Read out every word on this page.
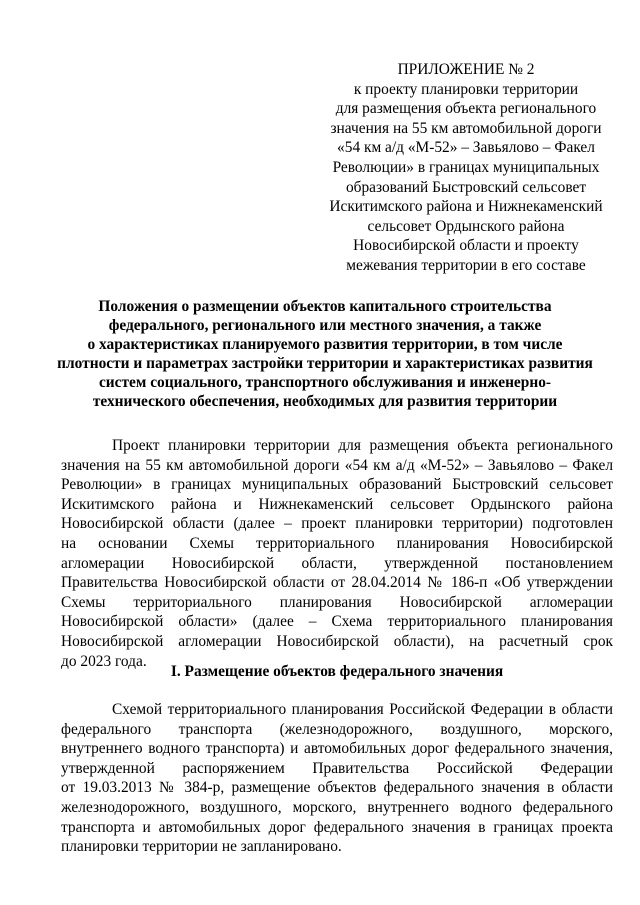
ПРИЛОЖЕНИЕ № 2
к проекту планировки территории
для размещения объекта регионального
значения на 55 км автомобильной дороги
«54 км а/д «М-52» – Завьялово – Факел
Революции» в границах муниципальных
образований Быстровский сельсовет
Искитимского района и Нижнекаменский
сельсовет Ордынского района
Новосибирской области и проекту
межевания территории в его составе
Положения о размещении объектов капитального строительства
федерального, регионального или местного значения, а также
о характеристиках планируемого развития территории, в том числе
плотности и параметрах застройки территории и характеристиках развития
систем социального, транспортного обслуживания и инженерно-
технического обеспечения, необходимых для развития территории
Проект планировки территории для размещения объекта регионального
значения на 55 км автомобильной дороги «54 км а/д «М-52» – Завьялово – Факел
Революции» в границах муниципальных образований Быстровский сельсовет
Искитимского района и Нижнекаменский сельсовет Ордынского района
Новосибирской области (далее – проект планировки территории) подготовлен
на основании Схемы территориального планирования Новосибирской
агломерации Новосибирской области, утвержденной постановлением
Правительства Новосибирской области от 28.04.2014 № 186-п «Об утверждении
Схемы территориального планирования Новосибирской агломерации
Новосибирской области» (далее – Схема территориального планирования
Новосибирской агломерации Новосибирской области), на расчетный срок
до 2023 года.
I. Размещение объектов федерального значения
Схемой территориального планирования Российской Федерации в области
федерального транспорта (железнодорожного, воздушного, морского,
внутреннего водного транспорта) и автомобильных дорог федерального значения,
утвержденной распоряжением Правительства Российской Федерации
от 19.03.2013 № 384-р, размещение объектов федерального значения в области
железнодорожного, воздушного, морского, внутреннего водного федерального
транспорта и автомобильных дорог федерального значения в границах проекта
планировки территории не запланировано.
